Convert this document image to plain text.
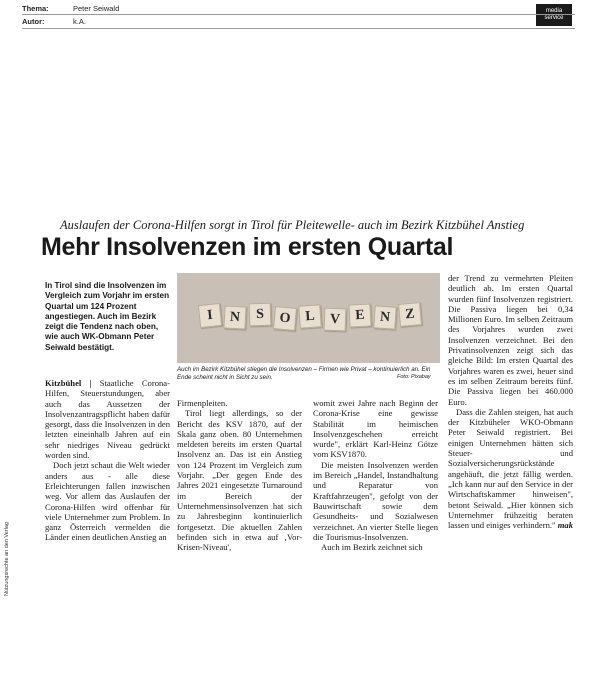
Thema:	Peter Seiwald
Autor:	k.A.
media
service
Nutzungsrechte an den Verlag
Auslaufen der Corona-Hilfen sorgt in Tirol für Pleitewelle- auch im Bezirk Kitzbühel Anstieg
Mehr Insolvenzen im ersten Quartal
In Tirol sind die Insolvenzen im Vergleich zum Vorjahr im ersten Quartal um 124 Prozent angestiegen. Auch im Bezirk zeigt die Tendenz nach oben, wie auch WK-Obmann Peter Seiwald bestätigt.
I	N	S	O L	V	E	N	Z
Auch im Bezirk Kitzbühel stiegen die Insolvenzen – Firmen wie Privat – kontinuierlich an. Ein Ende scheint nicht in Sicht zu sein.	Foto: Pixabay

Kitzbühel | Staatliche Corona-Hilfen, Steuerstundungen, aber auch das Aussetzen der Insolvenzantragspflicht haben dafür gesorgt, dass die Insolvenzen in den letzten eineinhalb Jahren auf ein sehr niedriges Niveau gedrückt worden sind.

Doch jetzt schaut die Welt wieder anders aus - alle diese Erleichterungen fallen inzwischen weg. Vor allem das Auslaufen der Corona-Hilfen wird offenbar für viele Unternehmer zum Problem. In ganz Österreich vermelden die Länder einen deutlichen Anstieg an

Firmenpleiten.

Tirol liegt allerdings, so der Bericht des KSV 1870, auf der Skala ganz oben. 80 Unternehmen meldeten bereits im ersten Quartal Insolvenz an. Das ist ein Anstieg von 124 Prozent im Vergleich zum Vorjahr. „Der gegen Ende des Jahres 2021 eingesetzte Turnaround im Bereich der Unternehmensinsolvenzen hat sich zu Jahresbeginn kontinuierlich fortgesetzt. Die aktuellen Zahlen befinden sich in etwa auf ‚Vor-Krisen-Niveau',

womit zwei Jahre nach Beginn der Corona-Krise eine gewisse Stabilität im heimischen Insolvenzgeschehen erreicht wurde", erklärt Karl-Heinz Götze vom KSV1870.

Die meisten Insolvenzen werden im Bereich „Handel, Instandhaltung und Reparatur von Kraftfahrzeugen", gefolgt von der Bauwirtschaft sowie dem Gesundheits- und Sozialwesen verzeichnet. An vierter Stelle liegen die Tourismus-Insolvenzen.

Auch im Bezirk zeichnet sich

der Trend zu vermehrten Pleiten deutlich ab. Im ersten Quartal wurden fünf Insolvenzen registriert. Die Passiva liegen bei 0,34 Millionen Euro. Im selben Zeitraum des Vorjahres wurden zwei Insolvenzen verzeichnet. Bei den Privatinsolvenzen zeigt sich das gleiche Bild: Im ersten Quartal des Vorjahres waren es zwei, heuer sind es im selben Zeitraum bereits fünf. Die Passiva liegen bei 460.000 Euro.

Dass die Zahlen steigen, hat auch der Kitzbüheler WKO-Obmann Peter Seiwald registriert. Bei einigen Unternehmen hätten sich Steuer- und Sozialversicherungsrückstände angehäuft, die jetzt fällig werden. „Ich kann nur auf den Service in der Wirtschaftskammer hinweisen", betont Seiwald. „Hier können sich Unternehmer frühzeitig beraten lassen und einiges verhindern." mak
